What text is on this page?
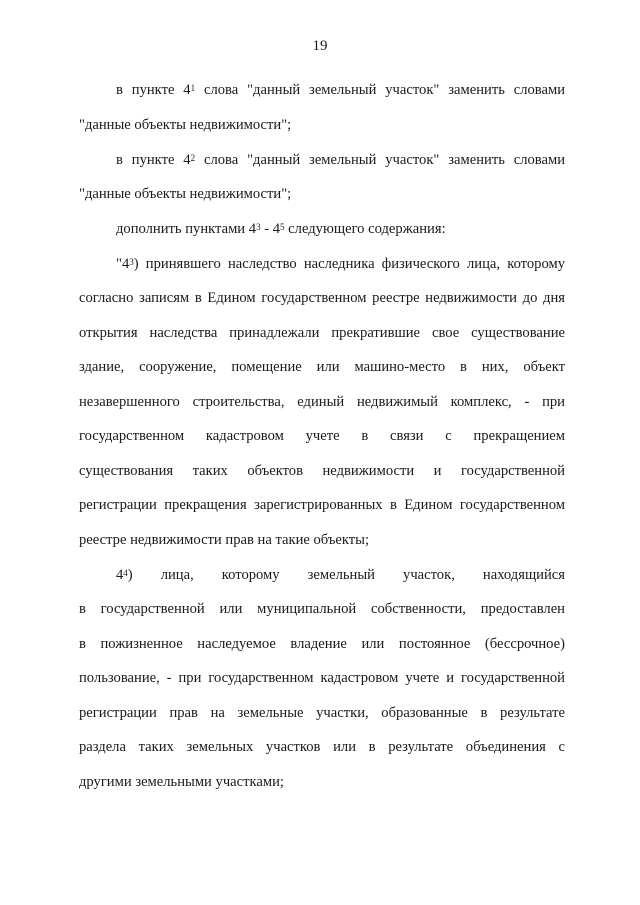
19
в пункте $4^1$ слова "данный земельный участок" заменить словами
"данные объекты недвижимости";
в пункте $4^2$ слова "данный земельный участок" заменить словами
"данные объекты недвижимости";
дополнить пунктами $4^3 - 4^5$ следующего содержания:
"$4^3$) принявшего наследство наследника физического лица, которому
согласно записям в Едином государственном реестре недвижимости до дня
открытия наследства принадлежали прекратившие свое существование
здание, сооружение, помещение или машино-место в них, объект
незавершенного строительства, единый недвижимый комплекс, - при
государственном кадастровом учете в связи с прекращением
существования таких объектов недвижимости и государственной
регистрации прекращения зарегистрированных в Едином государственном
реестре недвижимости прав на такие объекты;
$4^4$) лица, которому земельный участок, находящийся
в государственной или муниципальной собственности, предоставлен
в пожизненное наследуемое владение или постоянное (бессрочное)
пользование, - при государственном кадастровом учете и государственной
регистрации прав на земельные участки, образованные в результате
раздела таких земельных участков или в результате объединения с
другими земельными участками;
